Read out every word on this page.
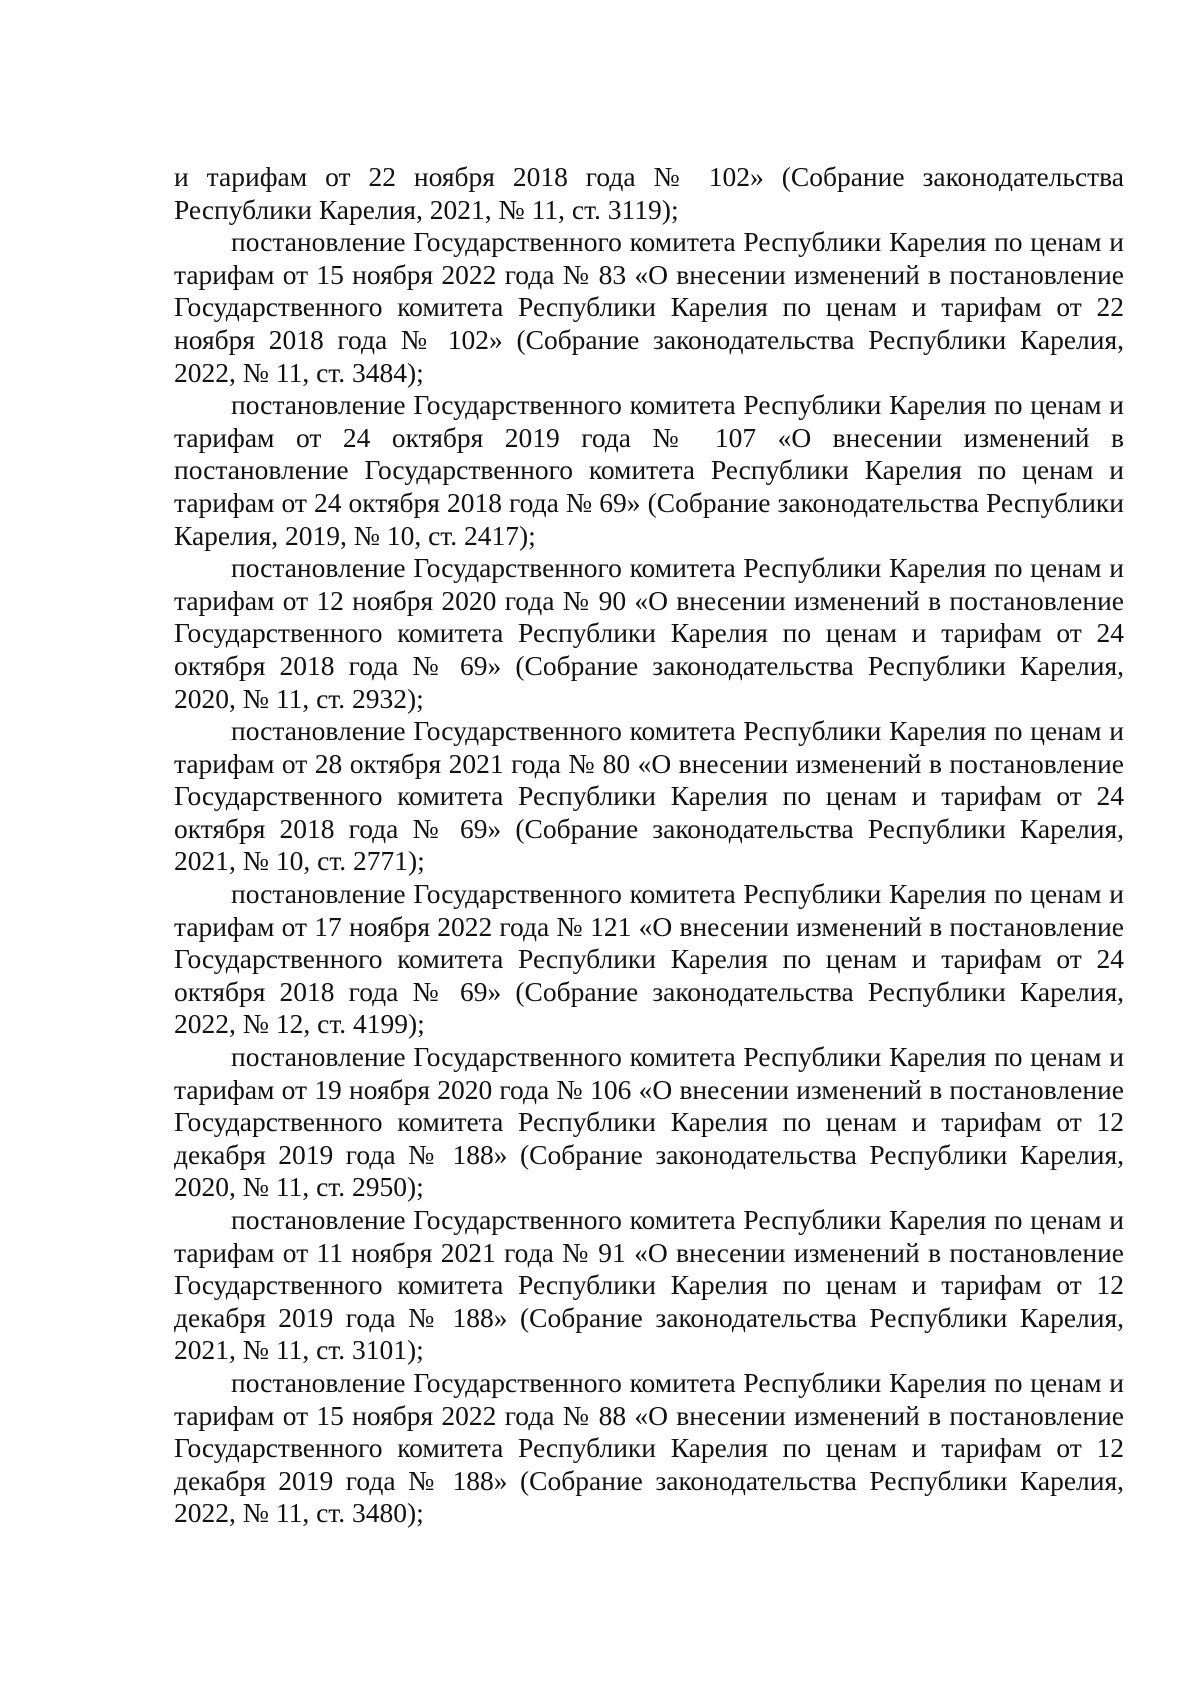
и тарифам от 22 ноября 2018 года № 102» (Собрание законодательства Республики Карелия, 2021, № 11, ст. 3119);

постановление Государственного комитета Республики Карелия по ценам и тарифам от 15 ноября 2022 года № 83 «О внесении изменений в постановление Государственного комитета Республики Карелия по ценам и тарифам от 22 ноября 2018 года № 102» (Собрание законодательства Республики Карелия, 2022, № 11, ст. 3484);

постановление Государственного комитета Республики Карелия по ценам и тарифам от 24 октября 2019 года № 107 «О внесении изменений в постановление Государственного комитета Республики Карелия по ценам и тарифам от 24 октября 2018 года № 69» (Собрание законодательства Республики Карелия, 2019, № 10, ст. 2417);

постановление Государственного комитета Республики Карелия по ценам и тарифам от 12 ноября 2020 года № 90 «О внесении изменений в постановление Государственного комитета Республики Карелия по ценам и тарифам от 24 октября 2018 года № 69» (Собрание законодательства Республики Карелия, 2020, № 11, ст. 2932);

постановление Государственного комитета Республики Карелия по ценам и тарифам от 28 октября 2021 года № 80 «О внесении изменений в постановление Государственного комитета Республики Карелия по ценам и тарифам от 24 октября 2018 года № 69» (Собрание законодательства Республики Карелия, 2021, № 10, ст. 2771);

постановление Государственного комитета Республики Карелия по ценам и тарифам от 17 ноября 2022 года № 121 «О внесении изменений в постановление Государственного комитета Республики Карелия по ценам и тарифам от 24 октября 2018 года № 69» (Собрание законодательства Республики Карелия, 2022, № 12, ст. 4199);

постановление Государственного комитета Республики Карелия по ценам и тарифам от 19 ноября 2020 года № 106 «О внесении изменений в постановление Государственного комитета Республики Карелия по ценам и тарифам от 12 декабря 2019 года № 188» (Собрание законодательства Республики Карелия, 2020, № 11, ст. 2950);

постановление Государственного комитета Республики Карелия по ценам и тарифам от 11 ноября 2021 года № 91 «О внесении изменений в постановление Государственного комитета Республики Карелия по ценам и тарифам от 12 декабря 2019 года № 188» (Собрание законодательства Республики Карелия, 2021, № 11, ст. 3101);

постановление Государственного комитета Республики Карелия по ценам и тарифам от 15 ноября 2022 года № 88 «О внесении изменений в постановление Государственного комитета Республики Карелия по ценам и тарифам от 12 декабря 2019 года № 188» (Собрание законодательства Республики Карелия, 2022, № 11, ст. 3480);
